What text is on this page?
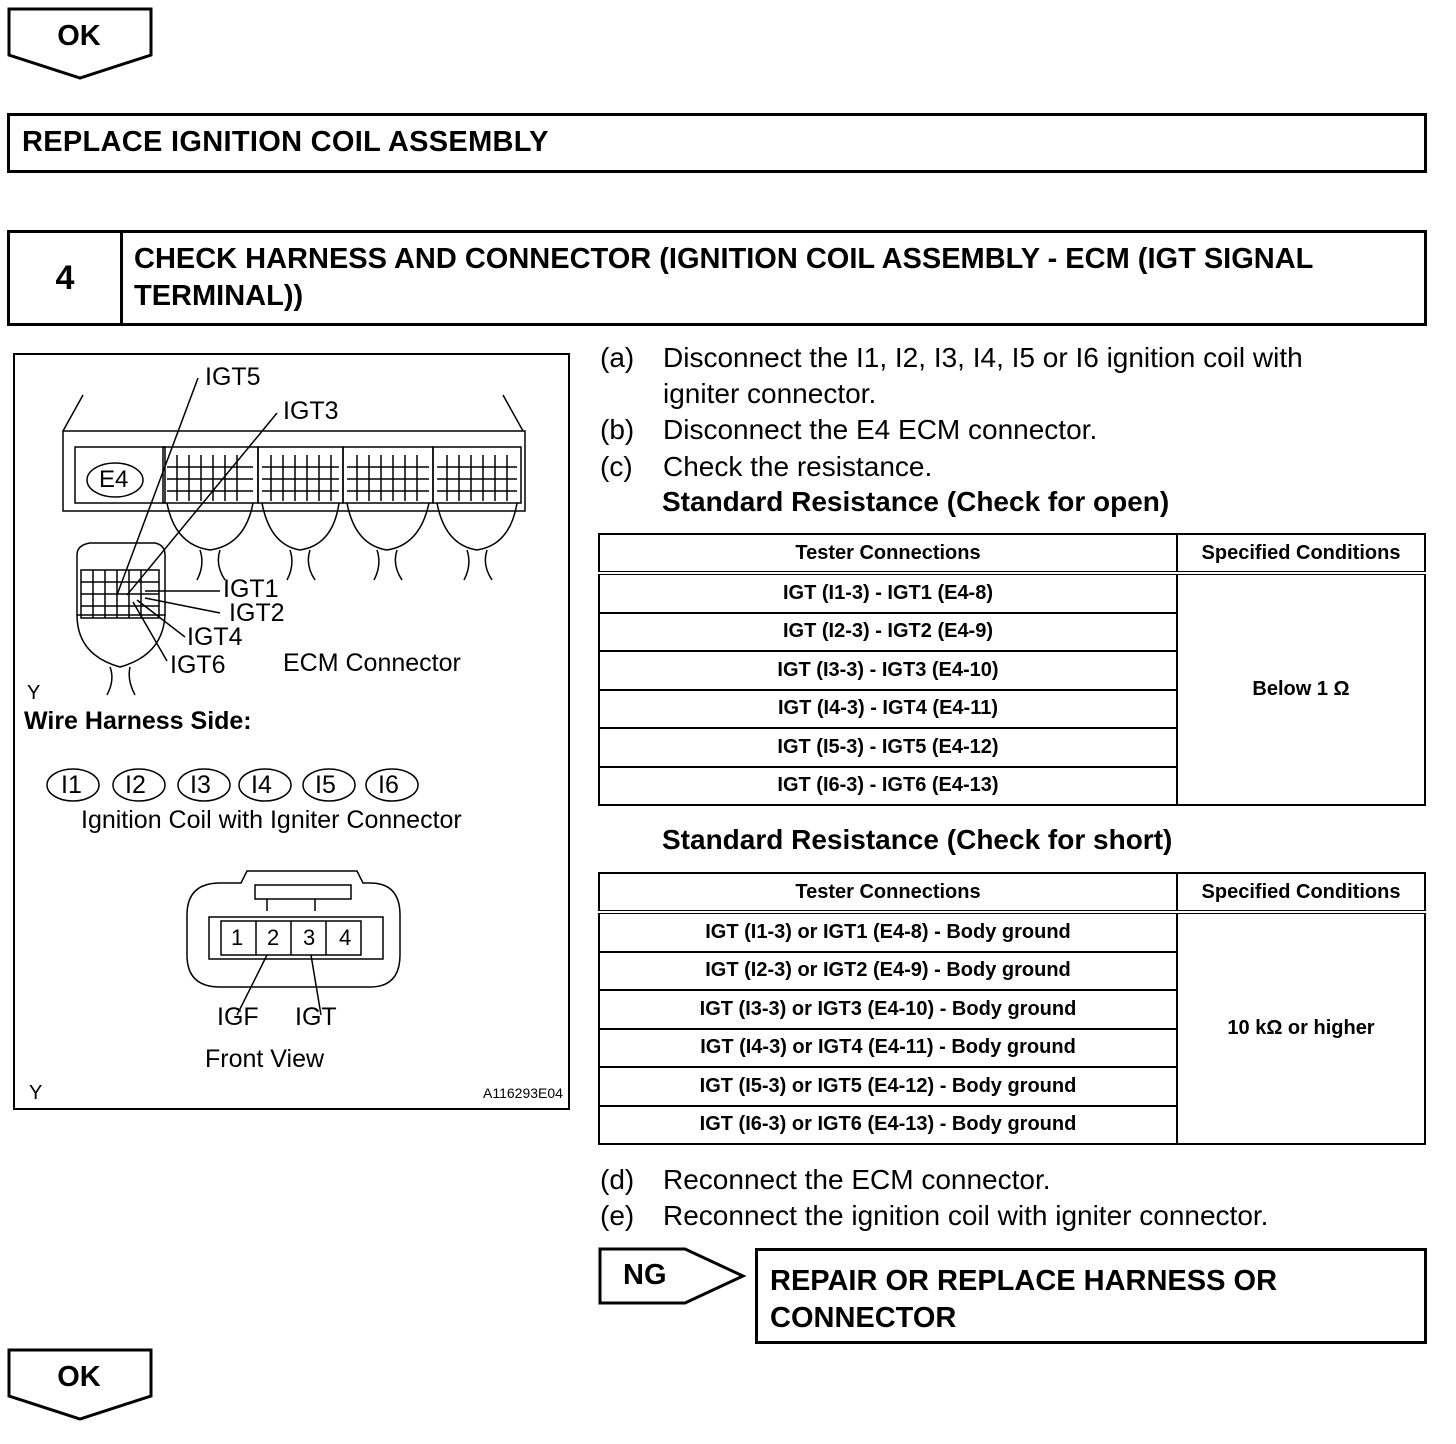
OK
REPLACE IGNITION COIL ASSEMBLY
4	CHECK HARNESS AND CONNECTOR (IGNITION COIL ASSEMBLY - ECM (IGT SIGNAL TERMINAL))
IGT5
IGT3
E4
IGT1
IGT2
IGT4
IGT6 ECM Connector
Y
Wire Harness Side:
I1 I2 I3 I4 I5 I6
Ignition Coil with Igniter Connector
1 2 3 4
IGF IGT
Front View
Y	A116293E04
(a) Disconnect the I1, I2, I3, I4, I5 or I6 ignition coil with
igniter connector.
(b) Disconnect the E4 ECM connector.
(c) Check the resistance.
Standard Resistance (Check for open)
Tester Connections	Specified Conditions
IGT (I1-3) - IGT1 (E4-8)	Below 1 Ω
IGT (I2-3) - IGT2 (E4-9)	
IGT (I3-3) - IGT3 (E4-10)	
IGT (I4-3) - IGT4 (E4-11)	
IGT (I5-3) - IGT5 (E4-12)	
IGT (I6-3) - IGT6 (E4-13)	
Standard Resistance (Check for short)
Tester Connections	Specified Conditions
IGT (I1-3) or IGT1 (E4-8) - Body ground	10 kΩ or higher
IGT (I2-3) or IGT2 (E4-9) - Body ground	
IGT (I3-3) or IGT3 (E4-10) - Body ground	
IGT (I4-3) or IGT4 (E4-11) - Body ground	
IGT (I5-3) or IGT5 (E4-12) - Body ground	
IGT (I6-3) or IGT6 (E4-13) - Body ground	
(d) Reconnect the ECM connector.
(e) Reconnect the ignition coil with igniter connector.
NG	REPAIR OR REPLACE HARNESS OR
CONNECTOR
OK
